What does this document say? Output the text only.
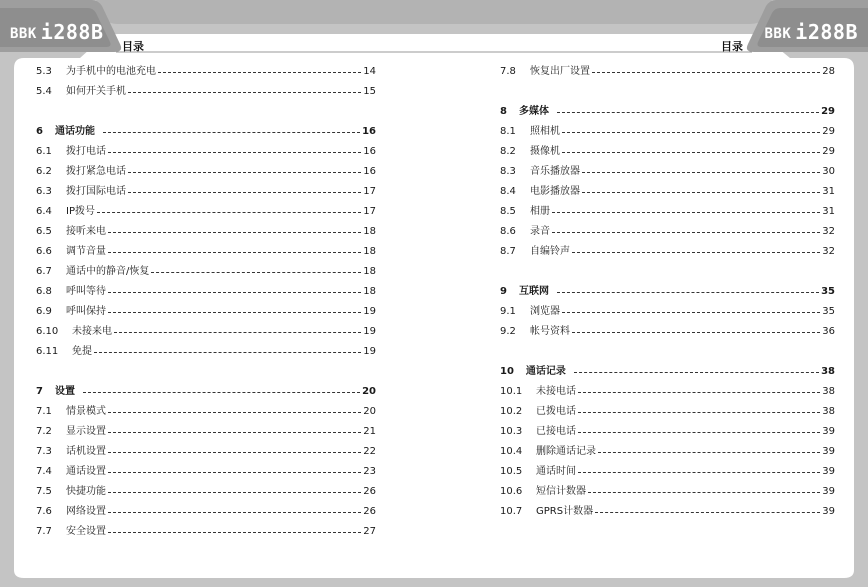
BBK i288B	BBK i288B
目录	目录
5.3	为手机中的电池充电	14
5.4	如何开关手机	15
6 通话功能	16
6.1	拨打电话	16
6.2	拨打紧急电话	16
6.3	拨打国际电话	17
6.4	IP拨号	17
6.5	接听来电	18
6.6	调节音量	18
6.7	通话中的静音/恢复	18
6.8	呼叫等待	18
6.9	呼叫保持	19
6.10	未接来电	19
6.11	免提	19
7 设置	20
7.1	情景模式	20
7.2	显示设置	21
7.3	话机设置	22
7.4	通话设置	23
7.5	快捷功能	26
7.6	网络设置	26
7.7	安全设置	27
7.8	恢复出厂设置	28
8 多媒体	29
8.1	照相机	29
8.2	摄像机	29
8.3	音乐播放器	30
8.4	电影播放器	31
8.5	相册	31
8.6	录音	32
8.7	自编铃声	32
9 互联网	35
9.1	浏览器	35
9.2	帐号资料	36
10 通话记录	38
10.1	未接电话	38
10.2	已拨电话	38
10.3	已接电话	39
10.4	删除通话记录	39
10.5	通话时间	39
10.6	短信计数器	39
10.7	GPRS计数器	39
